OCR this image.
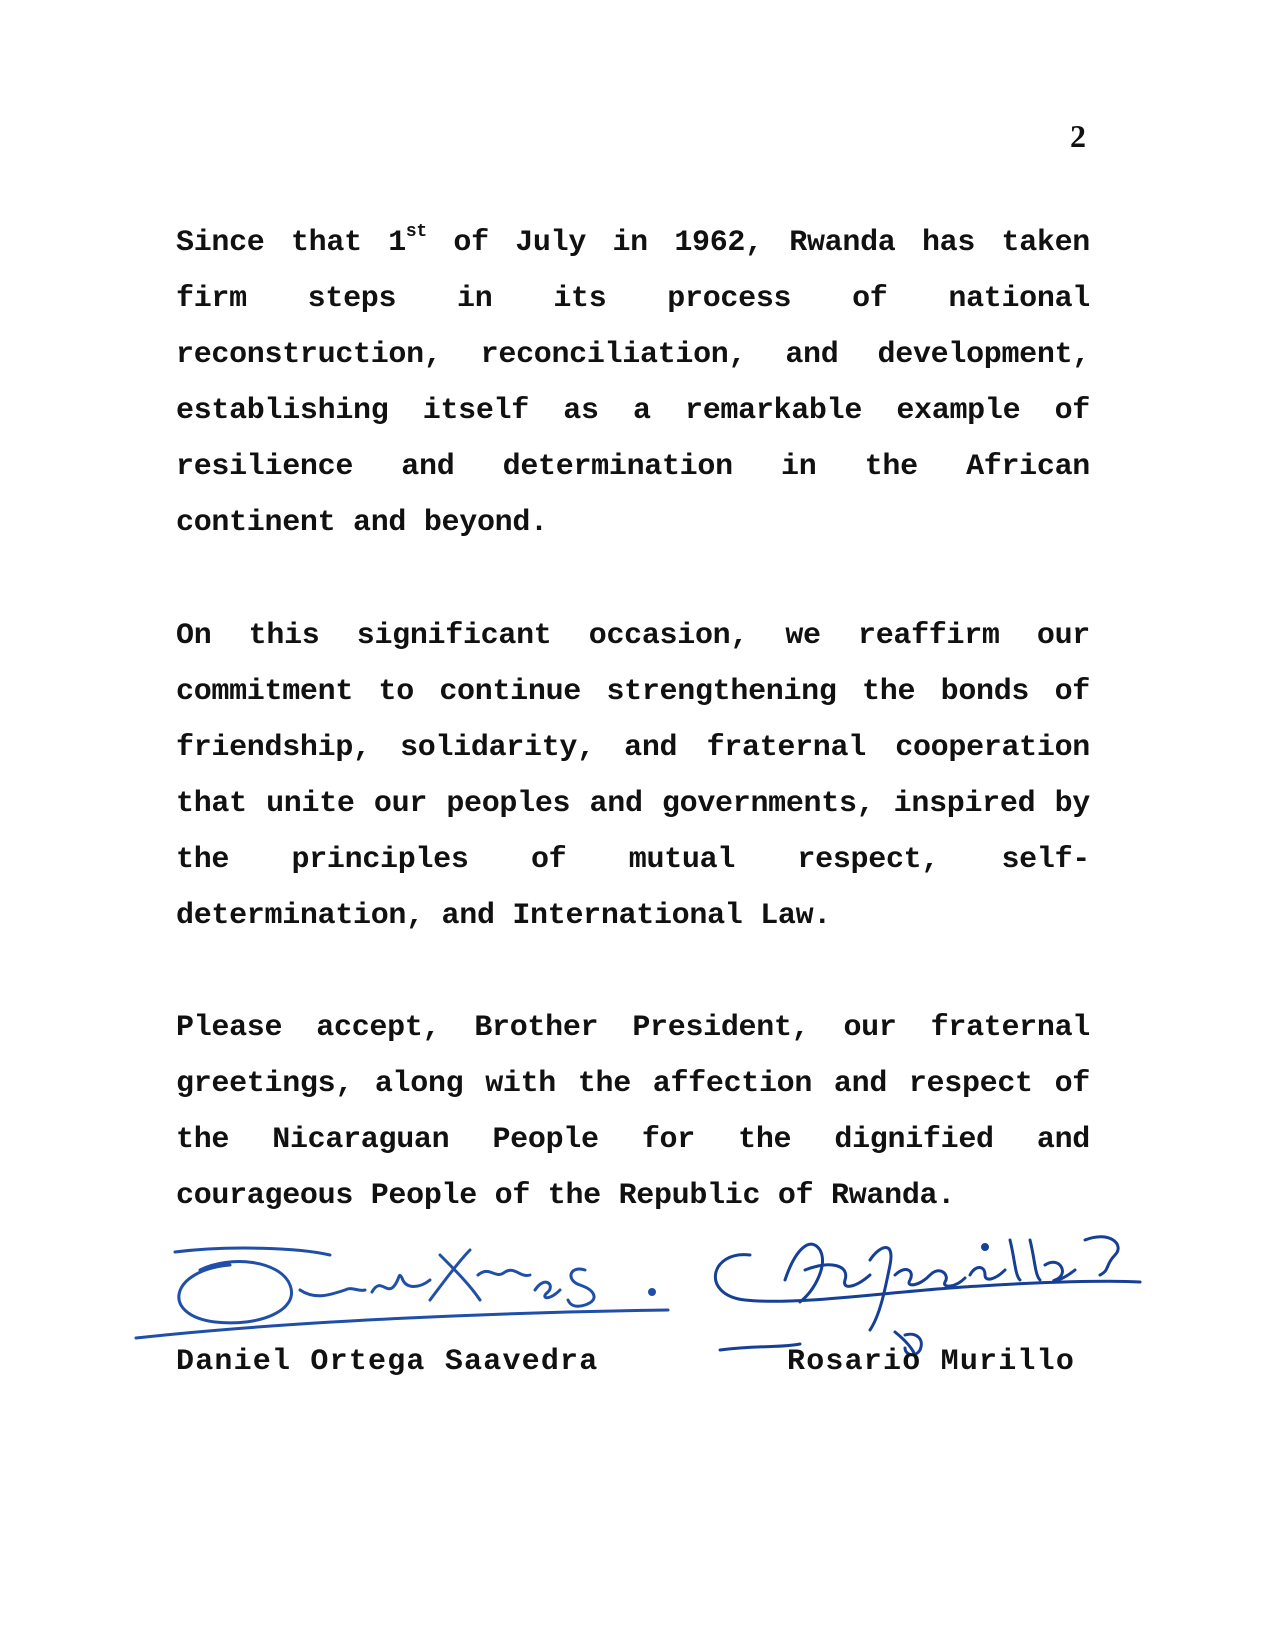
2

Since that 1st of July in 1962, Rwanda has taken firm steps in its process of national reconstruction, reconciliation, and development, establishing itself as a remarkable example of resilience and determination in the African continent and beyond.

On this significant occasion, we reaffirm our commitment to continue strengthening the bonds of friendship, solidarity, and fraternal cooperation that unite our peoples and governments, inspired by the principles of mutual respect, self-determination, and International Law.

Please accept, Brother President, our fraternal greetings, along with the affection and respect of the Nicaraguan People for the dignified and courageous People of the Republic of Rwanda.

Daniel Ortega Saavedra	Rosario Murillo
